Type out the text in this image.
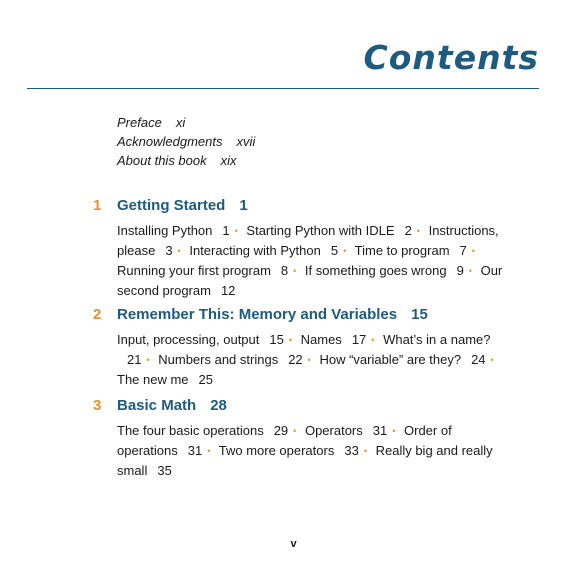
Contents
Preface xi
Acknowledgments xvii
About this book xix
1 Getting Started 1
Installing Python 1 • Starting Python with IDLE 2 • Instructions, please 3 • Interacting with Python 5 • Time to program 7 • Running your first program 8 • If something goes wrong 9 • Our second program 12
2 Remember This: Memory and Variables 15
Input, processing, output 15 • Names 17 • What’s in a name?21 • Numbers and strings 22 • How “variable” are they? 24 • The new me 25
3 Basic Math 28
The four basic operations 29 • Operators 31 • Order of operations 31 • Two more operators 33 • Really big and really small 35
v
